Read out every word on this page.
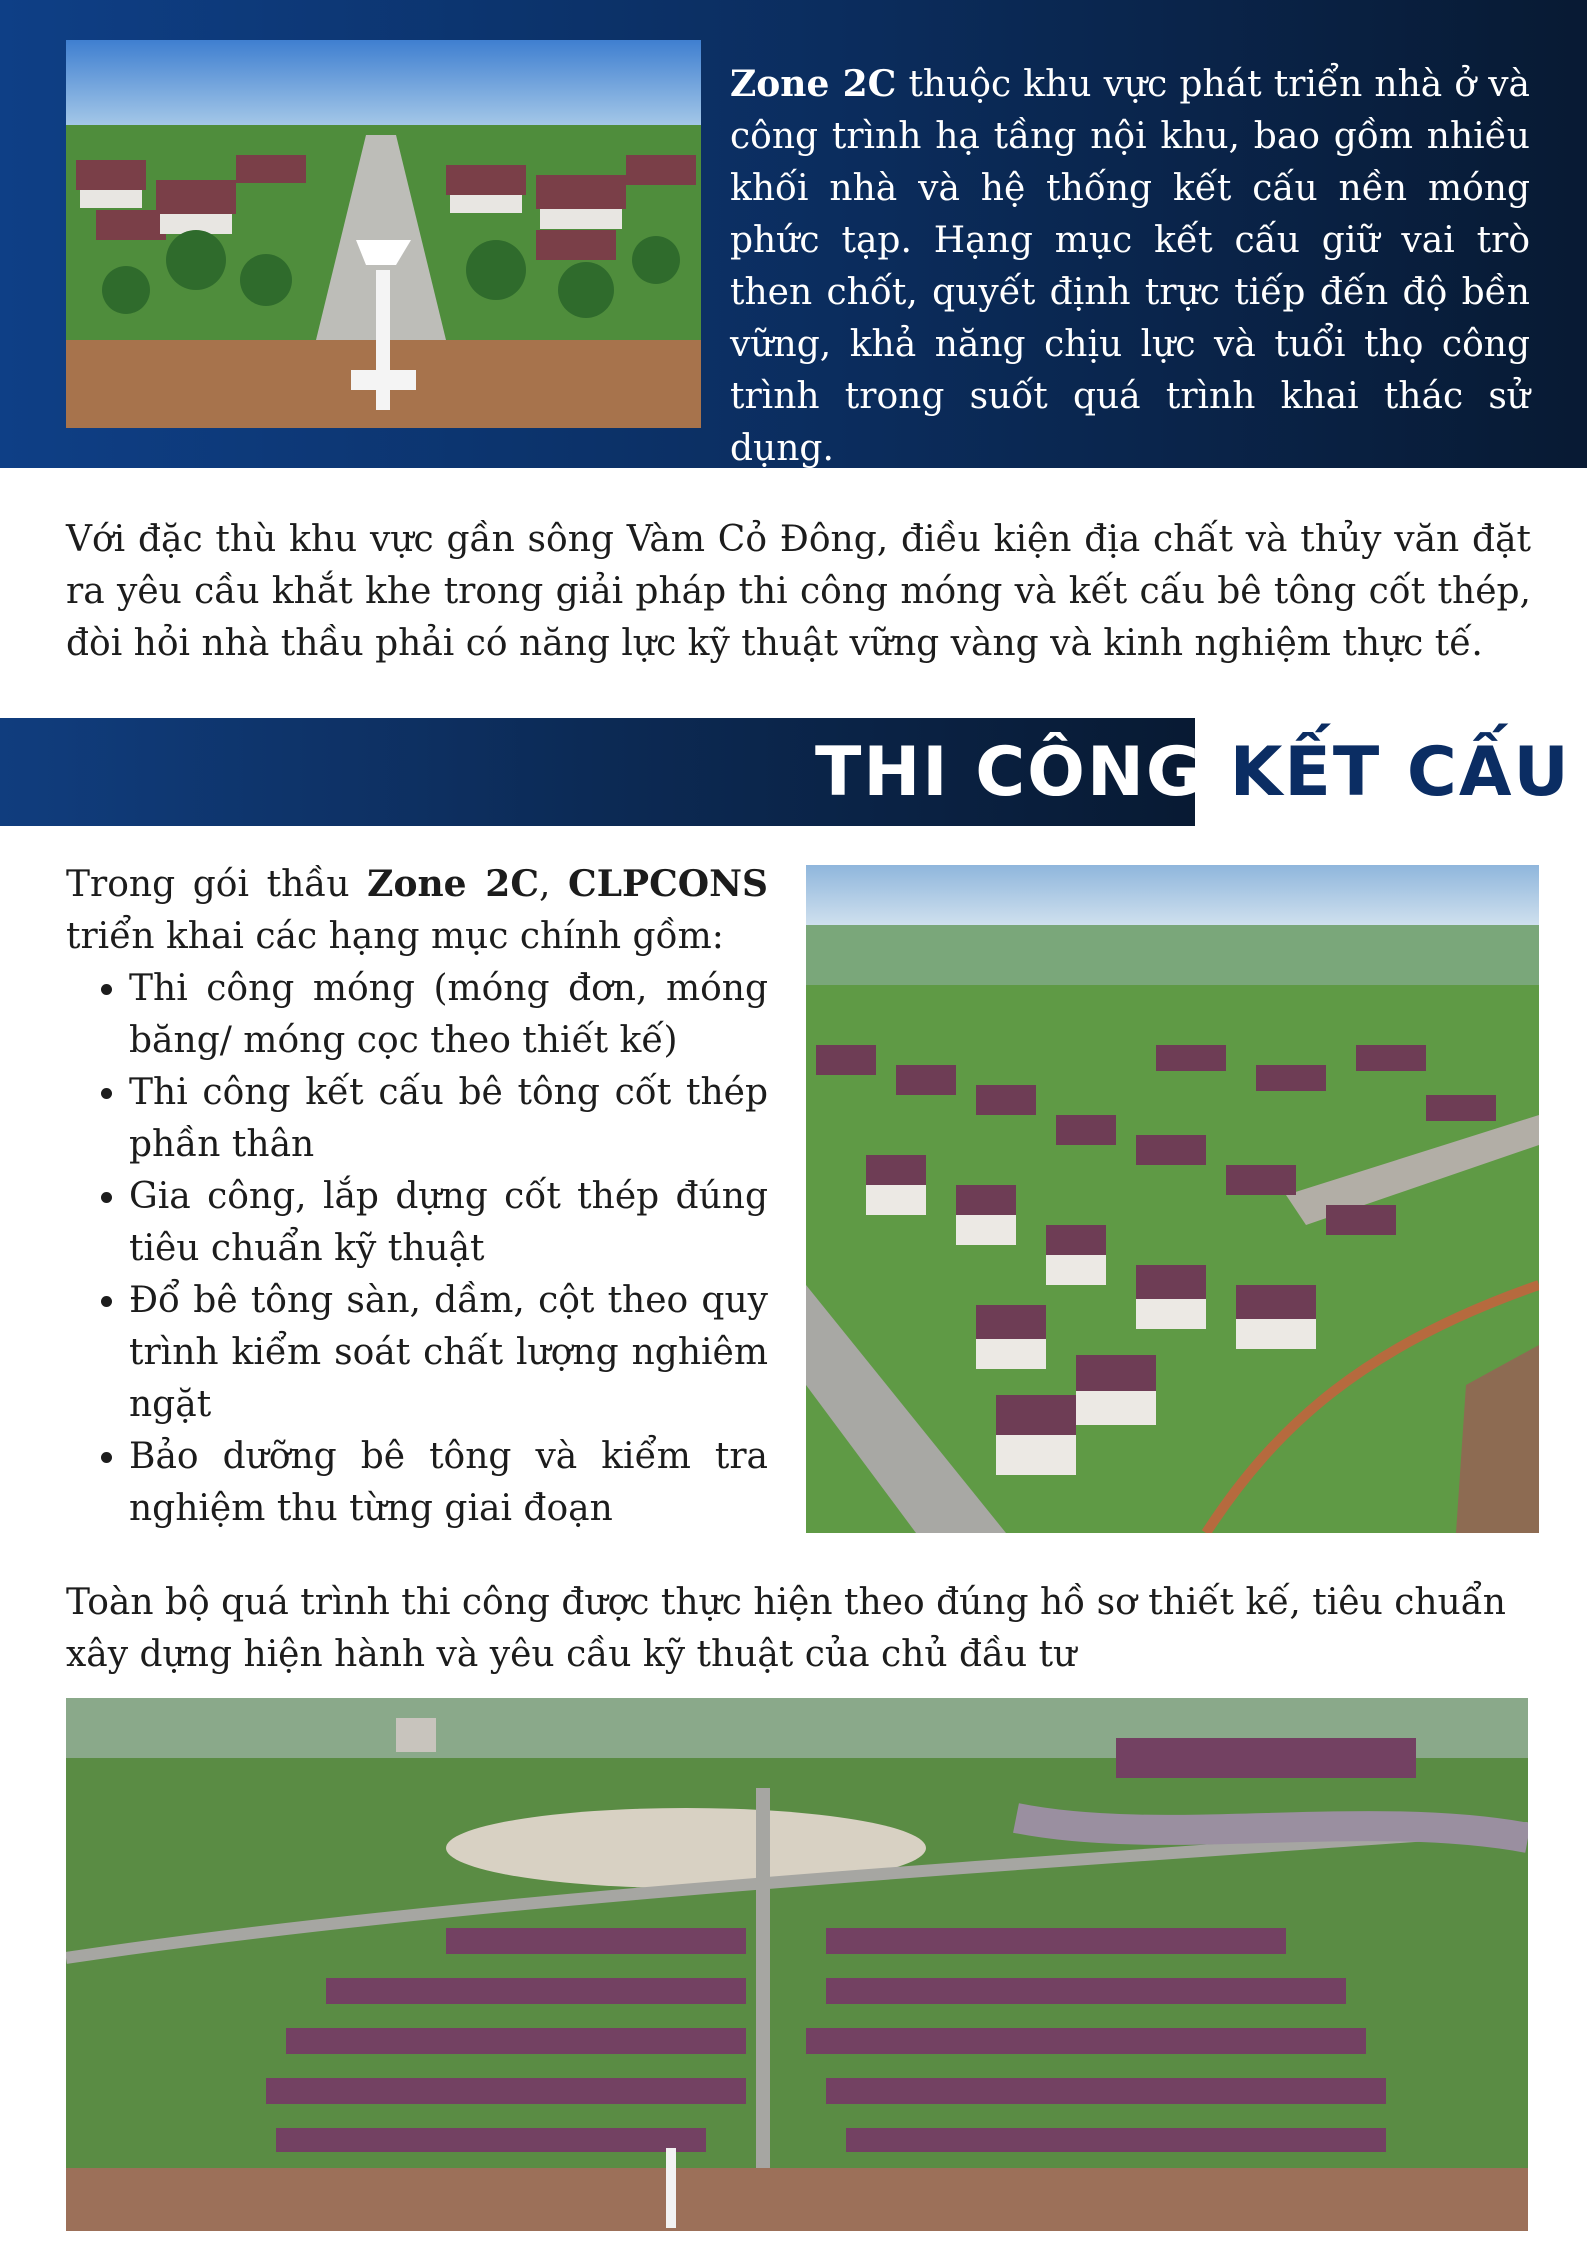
Zone 2C thuộc khu vực phát triển nhà ở và công trình hạ tầng nội khu, bao gồm nhiều khối nhà và hệ thống kết cấu nền móng phức tạp. Hạng mục kết cấu giữ vai trò then chốt, quyết định trực tiếp đến độ bền vững, khả năng chịu lực và tuổi thọ công trình trong suốt quá trình khai thác sử dụng.

Với đặc thù khu vực gần sông Vàm Cỏ Đông, điều kiện địa chất và thủy văn đặt ra yêu cầu khắt khe trong giải pháp thi công móng và kết cấu bê tông cốt thép, đòi hỏi nhà thầu phải có năng lực kỹ thuật vững vàng và kinh nghiệm thực tế.

THI CÔNG KẾT CẤU
Trong gói thầu Zone 2C, CLPCONS triển khai các hạng mục chính gồm:
• Thi công móng (móng đơn, móng băng/ móng cọc theo thiết kế)
• Thi công kết cấu bê tông cốt thép phần thân
• Gia công, lắp dựng cốt thép đúng tiêu chuẩn kỹ thuật
• Đổ bê tông sàn, dầm, cột theo quy trình kiểm soát chất lượng nghiêm ngặt
• Bảo dưỡng bê tông và kiểm tra nghiệm thu từng giai đoạn

Toàn bộ quá trình thi công được thực hiện theo đúng hồ sơ thiết kế, tiêu chuẩn xây dựng hiện hành và yêu cầu kỹ thuật của chủ đầu tư
